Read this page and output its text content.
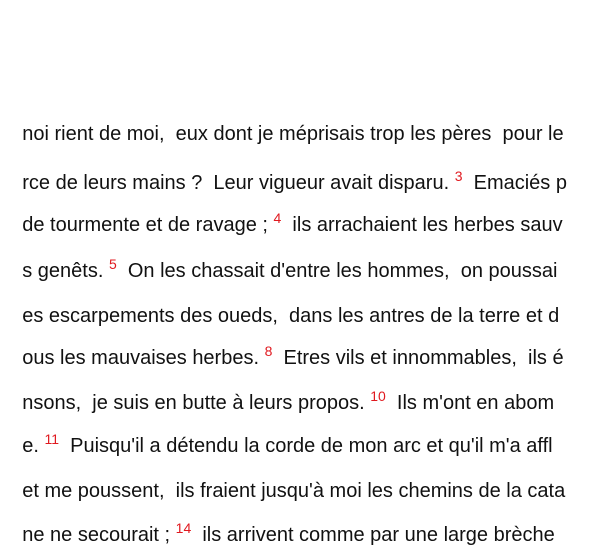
noi rient de moi,  eux dont je méprisais trop les pères  pour le

rce de leurs mains ?  Leur vigueur avait disparu. $^3$  Emaciés p

de tourmente et de ravage ; $^4$  ils arrachaient les herbes sauv

s genêts. $^5$  On les chassait d'entre les hommes,  on poussai

es escarpements des oueds,  dans les antres de la terre et d

ous les mauvaises herbes. $^8$  Etres vils et innommables,  ils é

nsons,  je suis en butte à leurs propos. $^{10}$  Ils m'ont en abom

e. $^{11}$  Puisqu'il a détendu la corde de mon arc et qu'il m'a affl

et me poussent,  ils fraient jusqu'à moi les chemins de la cata

ne ne secourait ; $^{14}$  ils arrivent comme par une large brèche
